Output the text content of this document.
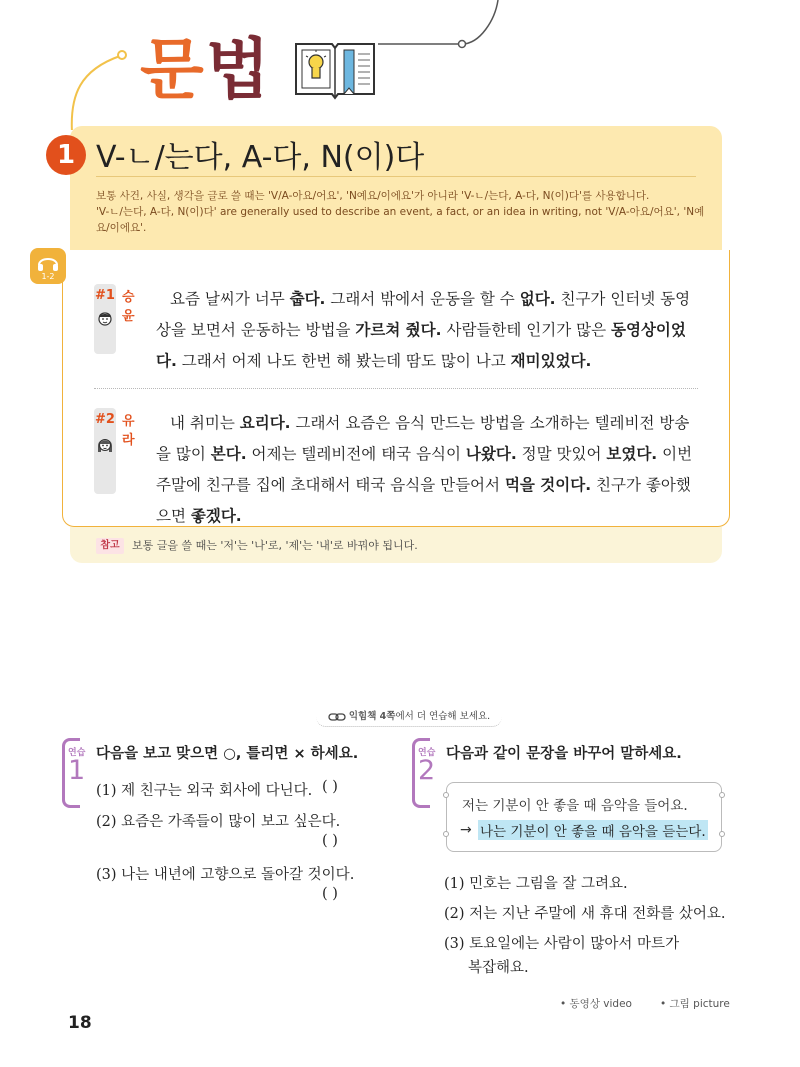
문법
1 V-ㄴ/는다, A-다, N(이)다
보통 사건, 사실, 생각을 글로 쓸 때는 'V/A-아요/어요', 'N예요/이에요'가 아니라 'V-ㄴ/는다, A-다, N(이)다'를 사용합니다.
'V-ㄴ/는다, A-다, N(이)다' are generally used to describe an event, a fact, or an idea in writing, not 'V/A-아요/어요', 'N예요/이에요'.
1-2
#1 승윤
요즘 날씨가 너무 춥다. 그래서 밖에서 운동을 할 수 없다. 친구가 인터넷 동영상을 보면서 운동하는 방법을 가르쳐 줬다. 사람들한테 인기가 많은 동영상이었다. 그래서 어제 나도 한번 해 봤는데 땀도 많이 나고 재미있었다.
#2 유라
내 취미는 요리다. 그래서 요즘은 음식 만드는 방법을 소개하는 텔레비전 방송을 많이 본다. 어제는 텔레비전에 태국 음식이 나왔다. 정말 맛있어 보였다. 이번 주말에 친구를 집에 초대해서 태국 음식을 만들어서 먹을 것이다. 친구가 좋아했으면 좋겠다.
참고	보통 글을 쓸 때는 '저'는 '나'로, '제'는 '내'로 바꿔야 됩니다.
익힘책 4쪽에서 더 연습해 보세요.
연습
1
다음을 보고 맞으면 ○, 틀리면 × 하세요.
(1) 제 친구는 외국 회사에 다닌다. ( )
(2) 요즘은 가족들이 많이 보고 싶은다.
( )
(3) 나는 내년에 고향으로 돌아갈 것이다.
( )
연습
2
다음과 같이 문장을 바꾸어 말하세요.
저는 기분이 안 좋을 때 음악을 들어요.
→ 나는 기분이 안 좋을 때 음악을 듣는다.
(1) 민호는 그림을 잘 그려요.
(2) 저는 지난 주말에 새 휴대 전화를 샀어요.
(3) 토요일에는 사람이 많아서 마트가
복잡해요.
• 동영상 video	• 그림 picture
18
